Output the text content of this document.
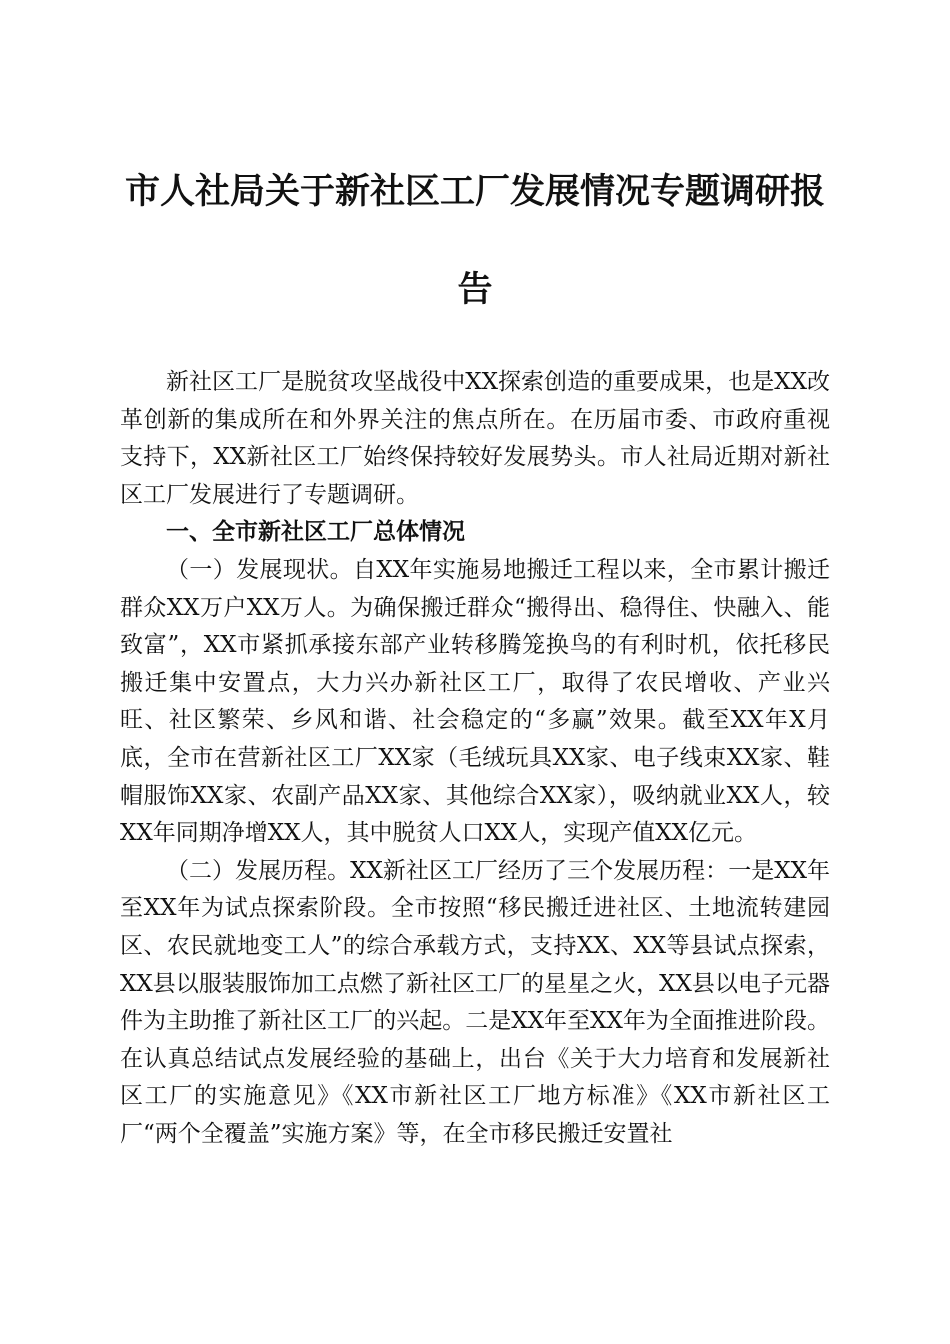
市人社局关于新社区工厂发展情况专题调研报
告

新社区工厂是脱贫攻坚战役中XX探索创造的重要成果，也是XX改革创新的集成所在和外界关注的焦点所在。在历届市委、市政府重视支持下，XX新社区工厂始终保持较好发展势头。市人社局近期对新社区工厂发展进行了专题调研。

一、全市新社区工厂总体情况

（一）发展现状。自XX年实施易地搬迁工程以来，全市累计搬迁群众XX万户XX万人。为确保搬迁群众“搬得出、稳得住、快融入、能致富”，XX市紧抓承接东部产业转移腾笼换鸟的有利时机，依托移民搬迁集中安置点，大力兴办新社区工厂，取得了农民增收、产业兴旺、社区繁荣、乡风和谐、社会稳定的“多赢”效果。截至XX年X月底，全市在营新社区工厂XX家（毛绒玩具XX家、电子线束XX家、鞋帽服饰XX家、农副产品XX家、其他综合XX家），吸纳就业XX人，较XX年同期净增XX人，其中脱贫人口XX人，实现产值XX亿元。

（二）发展历程。XX新社区工厂经历了三个发展历程：一是XX年至XX年为试点探索阶段。全市按照“移民搬迁进社区、土地流转建园区、农民就地变工人”的综合承载方式，支持XX、XX等县试点探索，XX县以服装服饰加工点燃了新社区工厂的星星之火，XX县以电子元器件为主助推了新社区工厂的兴起。二是XX年至XX年为全面推进阶段。在认真总结试点发展经验的基础上，出台《关于大力培育和发展新社区工厂的实施意见》《XX市新社区工厂地方标准》《XX市新社区工厂“两个全覆盖”实施方案》等，在全市移民搬迁安置社
